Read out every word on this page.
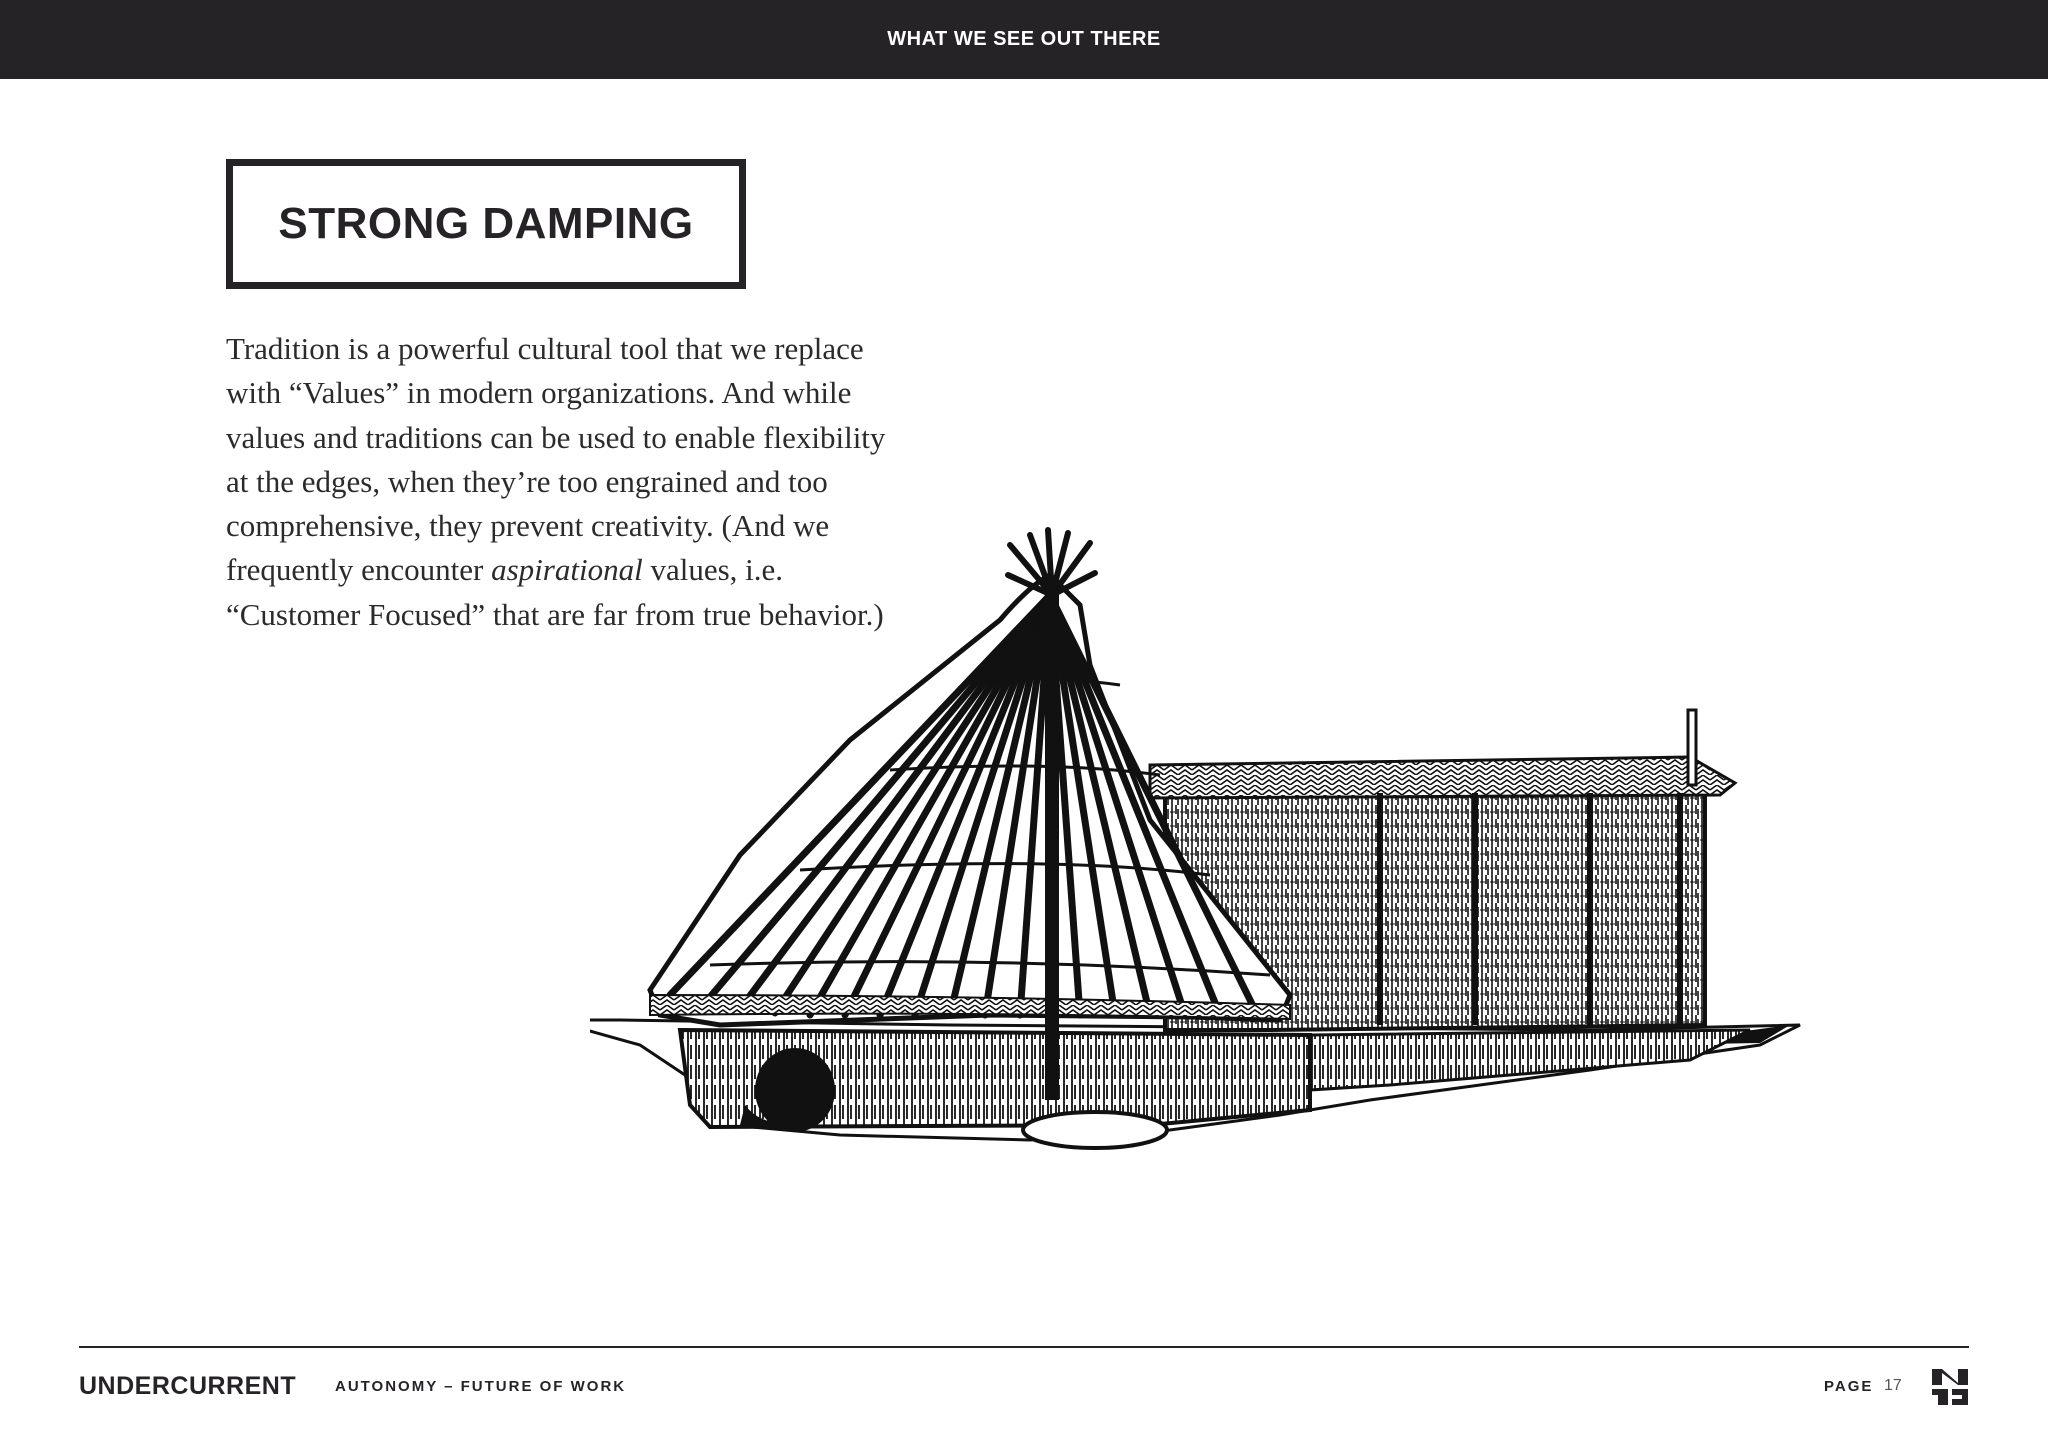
WHAT WE SEE OUT THERE
STRONG DAMPING
Tradition is a powerful cultural tool that we replace
with “Values” in modern organizations. And while
values and traditions can be used to enable flexibility
at the edges, when they’re too engrained and too
comprehensive, they prevent creativity. (And we
frequently encounter aspirational values, i.e.
“Customer Focused” that are far from true behavior.)
UNDERCURRENT	AUTONOMY – FUTURE OF WORK	PAGE 17
